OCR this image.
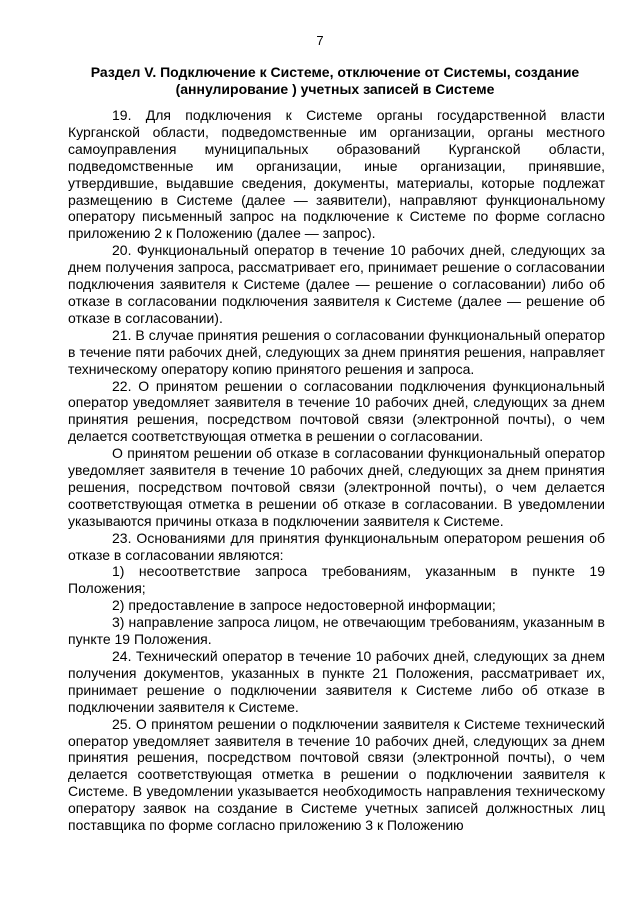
7
Раздел V. Подключение к Системе, отключение от Системы, создание
(аннулирование ) учетных записей в Системе

19. Для подключения к Системе органы государственной власти Курганской области, подведомственные им организации, органы местного самоуправления муниципальных образований Курганской области, подведомственные им организации, иные организации, принявшие, утвердившие, выдавшие сведения, документы, материалы, которые подлежат размещению в Системе (далее — заявители), направляют функциональному оператору письменный запрос на подключение к Системе по форме согласно приложению 2 к Положению (далее — запрос).

20. Функциональный оператор в течение 10 рабочих дней, следующих за днем получения запроса, рассматривает его, принимает решение о согласовании подключения заявителя к Системе (далее — решение о согласовании) либо об отказе в согласовании подключения заявителя к Системе (далее — решение об отказе в согласовании).

21. В случае принятия решения о согласовании функциональный оператор в течение пяти рабочих дней, следующих за днем принятия решения, направляет техническому оператору копию принятого решения и запроса.

22. О принятом решении о согласовании подключения функциональный оператор уведомляет заявителя в течение 10 рабочих дней, следующих за днем принятия решения, посредством почтовой связи (электронной почты), о чем делается соответствующая отметка в решении о согласовании.

О принятом решении об отказе в согласовании функциональный оператор уведомляет заявителя в течение 10 рабочих дней, следующих за днем принятия решения, посредством почтовой связи (электронной почты), о чем делается соответствующая отметка в решении об отказе в согласовании. В уведомлении указываются причины отказа в подключении заявителя к Системе.

23. Основаниями для принятия функциональным оператором решения об отказе в согласовании являются:

1) несоответствие запроса требованиям, указанным в пункте 19 Положения;

2) предоставление в запросе недостоверной информации;

3) направление запроса лицом, не отвечающим требованиям, указанным в пункте 19 Положения.

24. Технический оператор в течение 10 рабочих дней, следующих за днем получения документов, указанных в пункте 21 Положения, рассматривает их, принимает решение о подключении заявителя к Системе либо об отказе в подключении заявителя к Системе.

25. О принятом решении о подключении заявителя к Системе технический оператор уведомляет заявителя в течение 10 рабочих дней, следующих за днем принятия решения, посредством почтовой связи (электронной почты), о чем делается соответствующая отметка в решении о подключении заявителя к Системе. В уведомлении указывается необходимость направления техническому оператору заявок на создание в Системе учетных записей должностных лиц поставщика по форме согласно приложению 3 к Положению
